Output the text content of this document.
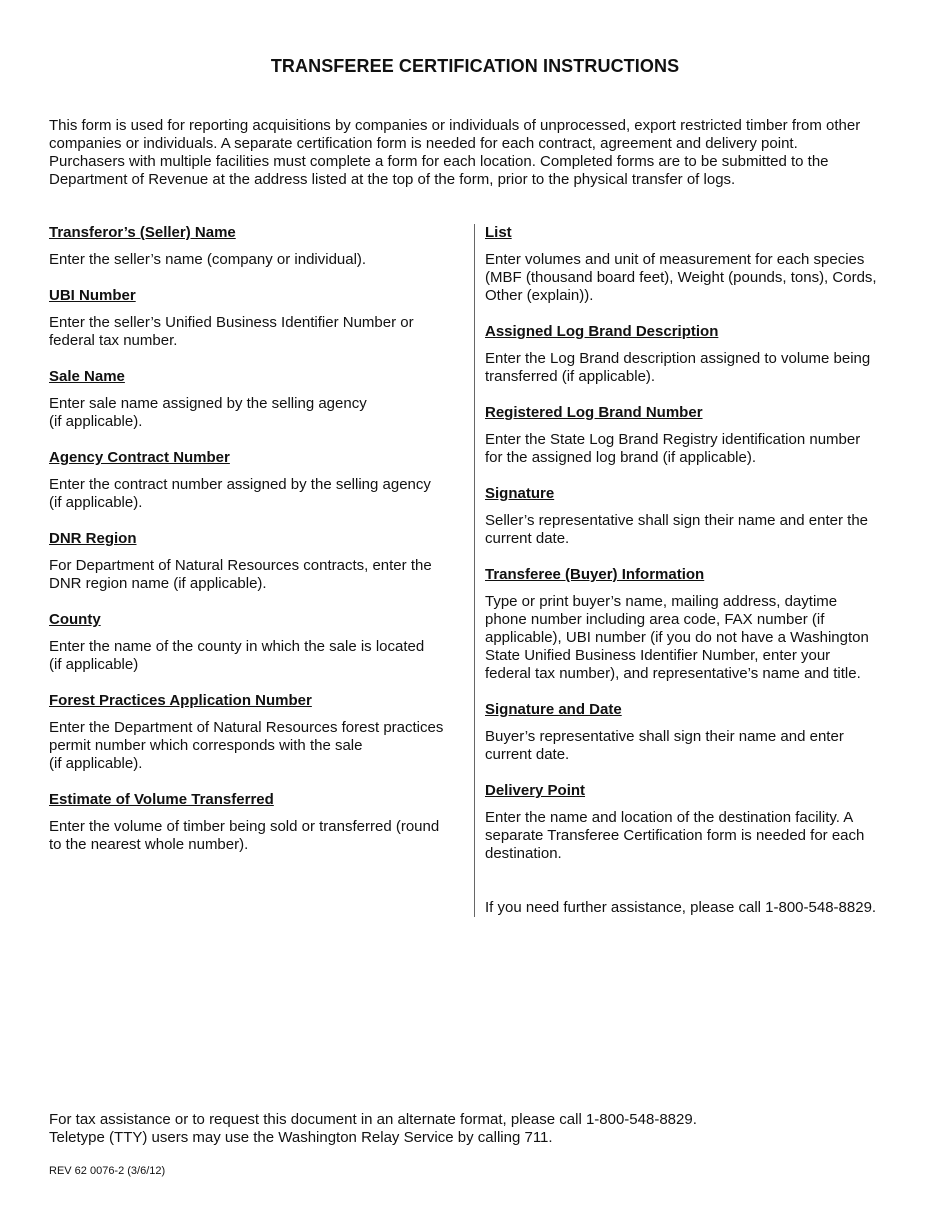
TRANSFEREE CERTIFICATION INSTRUCTIONS
This form is used for reporting acquisitions by companies or individuals of unprocessed, export restricted timber from other
companies or individuals. A separate certification form is needed for each contract, agreement and delivery point.
Purchasers with multiple facilities must complete a form for each location. Completed forms are to be submitted to the
Department of Revenue at the address listed at the top of the form, prior to the physical transfer of logs.
Transferor’s (Seller) Name
Enter the seller’s name (company or individual).
UBI Number
Enter the seller’s Unified Business Identifier Number or
federal tax number.
Sale Name
Enter sale name assigned by the selling agency
(if applicable).
Agency Contract Number
Enter the contract number assigned by the selling agency
(if applicable).
DNR Region
For Department of Natural Resources contracts, enter the
DNR region name (if applicable).
County
Enter the name of the county in which the sale is located
(if applicable)
Forest Practices Application Number
Enter the Department of Natural Resources forest practices
permit number which corresponds with the sale
(if applicable).
Estimate of Volume Transferred
Enter the volume of timber being sold or transferred (round
to the nearest whole number).
List
Enter volumes and unit of measurement for each species
(MBF (thousand board feet), Weight (pounds, tons), Cords,
Other (explain)).
Assigned Log Brand Description
Enter the Log Brand description assigned to volume being
transferred (if applicable).
Registered Log Brand Number
Enter the State Log Brand Registry identification number
for the assigned log brand (if applicable).
Signature
Seller’s representative shall sign their name and enter the
current date.
Transferee (Buyer) Information
Type or print buyer’s name, mailing address, daytime
phone number including area code, FAX number (if
applicable), UBI number (if you do not have a Washington
State Unified Business Identifier Number, enter your
federal tax number), and representative’s name and title.
Signature and Date
Buyer’s representative shall sign their name and enter
current date.
Delivery Point
Enter the name and location of the destination facility. A
separate Transferee Certification form is needed for each
destination.
If you need further assistance, please call 1-800-548-8829.
For tax assistance or to request this document in an alternate format, please call 1-800-548-8829.
Teletype (TTY) users may use the Washington Relay Service by calling 711.
REV 62 0076-2 (3/6/12)
